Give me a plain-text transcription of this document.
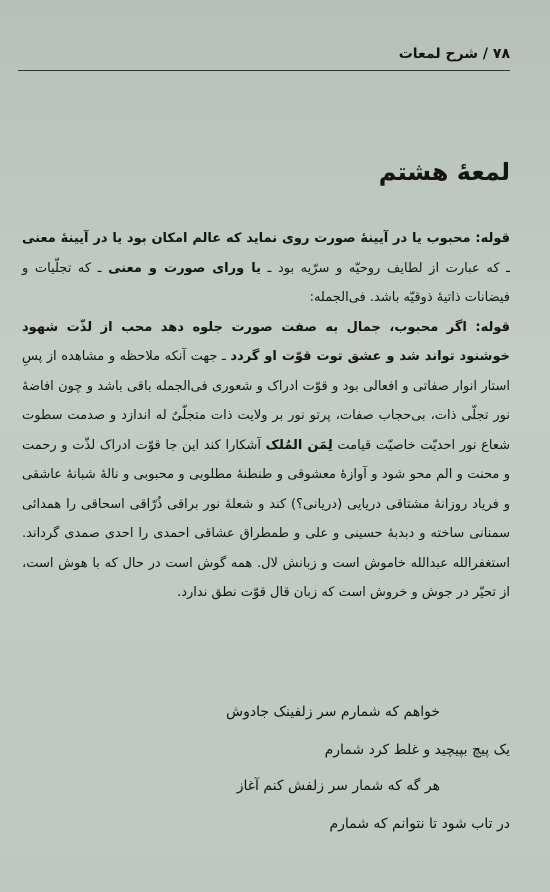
۷۸ / شرح لمعات
لمعهٔ هشتم

قوله: محبوب یا در آیینهٔ صورت روی نماید که عالم امکان بود یا در آیینهٔ معنی ـ که عبارت از لطایف روحیّه و سرّیه بود ـ یا ورای صورت و معنی ـ که تجلّیات و فیضانات ذاتیهٔ ذوقیّه باشد. فی‌الجمله:

قوله: اگر محبوب، جمال به صفت صورت جلوه دهد محب از لذّت شهود خوشنود تواند شد و عشق توت قوّت او گردد ـ جهت آنکه ملاحظه و مشاهده از پسِ استار انوار صفاتی و افعالی بود و قوّت ادراک و شعوری فی‌الجمله باقی باشد و چون افاضهٔ نور تجلّی ذات، بی‌حجاب صفات، پرتو نور بر ولایت ذات متجلّیٌ له اندازد و صدمت سطوت شعاع نور احدیّت خاصیّت قیامت لِمَن المُلک آشکارا کند این جا قوّت ادراک لذّت و رحمت و محنت و الم محو شود و آوازهٔ معشوقی و طنطنهٔ مطلوبی و محبوبی و نالهٔ شبانهٔ عاشقی و فریاد روزانهٔ مشتاقی دریایی (دریانی؟) کند و شعلهٔ نور براقی ذُرّاقی اسحاقی را همدائی سمنانی ساخته و دبدبهٔ حسینی و علی و طمطراق عشاقی احمدی را احدی صمدی گرداند. استغفرالله عبدالله خاموش است و زبانش لال. همه گوش است در حال که با هوش است، از تحیّر در جوش و خروش است که زبان قال قوّت نطق ندارد.

خواهم که شمارم سر زلفینک جادوش
یک پیچ بپیچید و غلط کرد شمارم
هر گه که شمار سر زلفش کنم آغاز
در تاب شود تا نتوانم که شمارم
